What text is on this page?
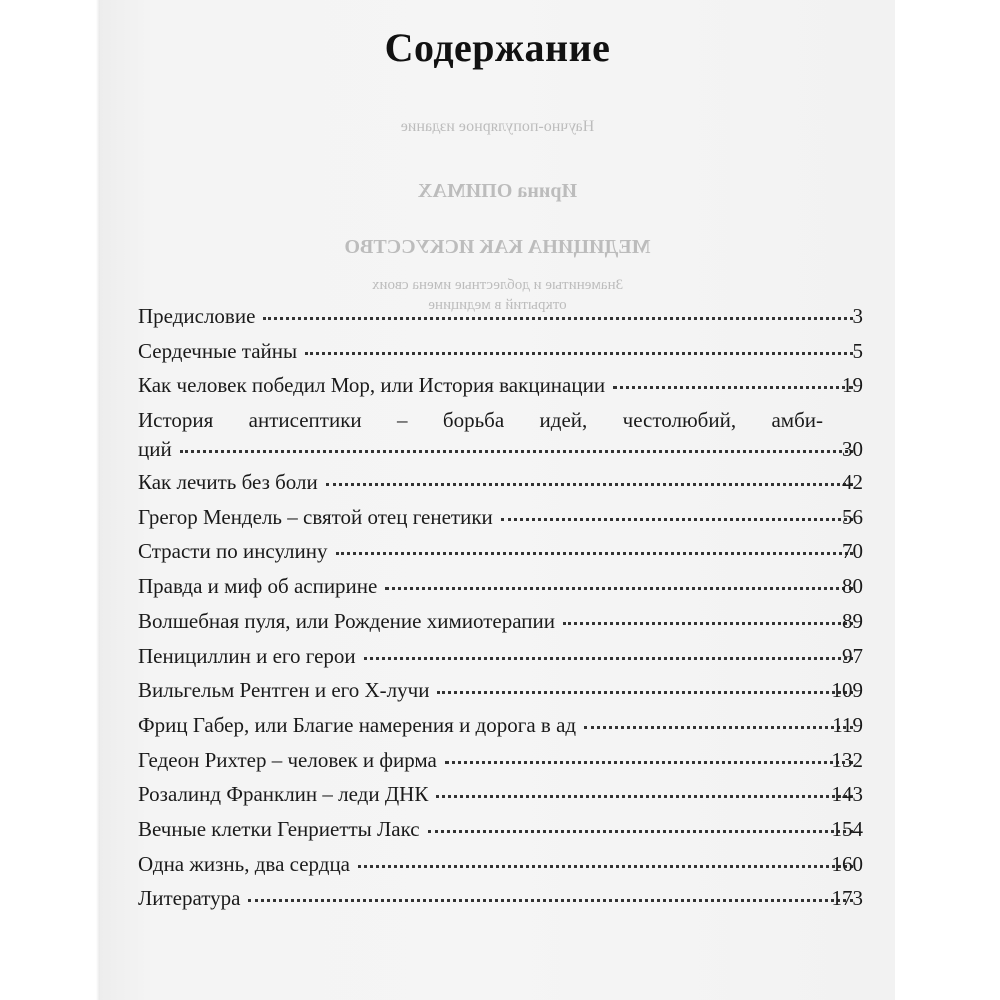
Научно-популярное издание
Ирина ОПИМАХ
МЕДИЦИНА КАК ИСКУССТВО
Знаменитые и доблестные имена своих
открытий в медицине
Содержание
Предисловие	3
Сердечные тайны	5
Как человек победил Мор, или История вакцинации	19
История антисептики – борьба идей, честолюбий, амби-
ций	30
Как лечить без боли	42
Грегор Мендель – святой отец генетики	56
Страсти по инсулину	70
Правда и миф об аспирине	80
Волшебная пуля, или Рождение химиотерапии	89
Пенициллин и его герои	97
Вильгельм Рентген и его Х-лучи	109
Фриц Габер, или Благие намерения и дорога в ад	119
Гедеон Рихтер – человек и фирма	132
Розалинд Франклин – леди ДНК	143
Вечные клетки Генриетты Лакс	154
Одна жизнь, два сердца	160
Литература	173
